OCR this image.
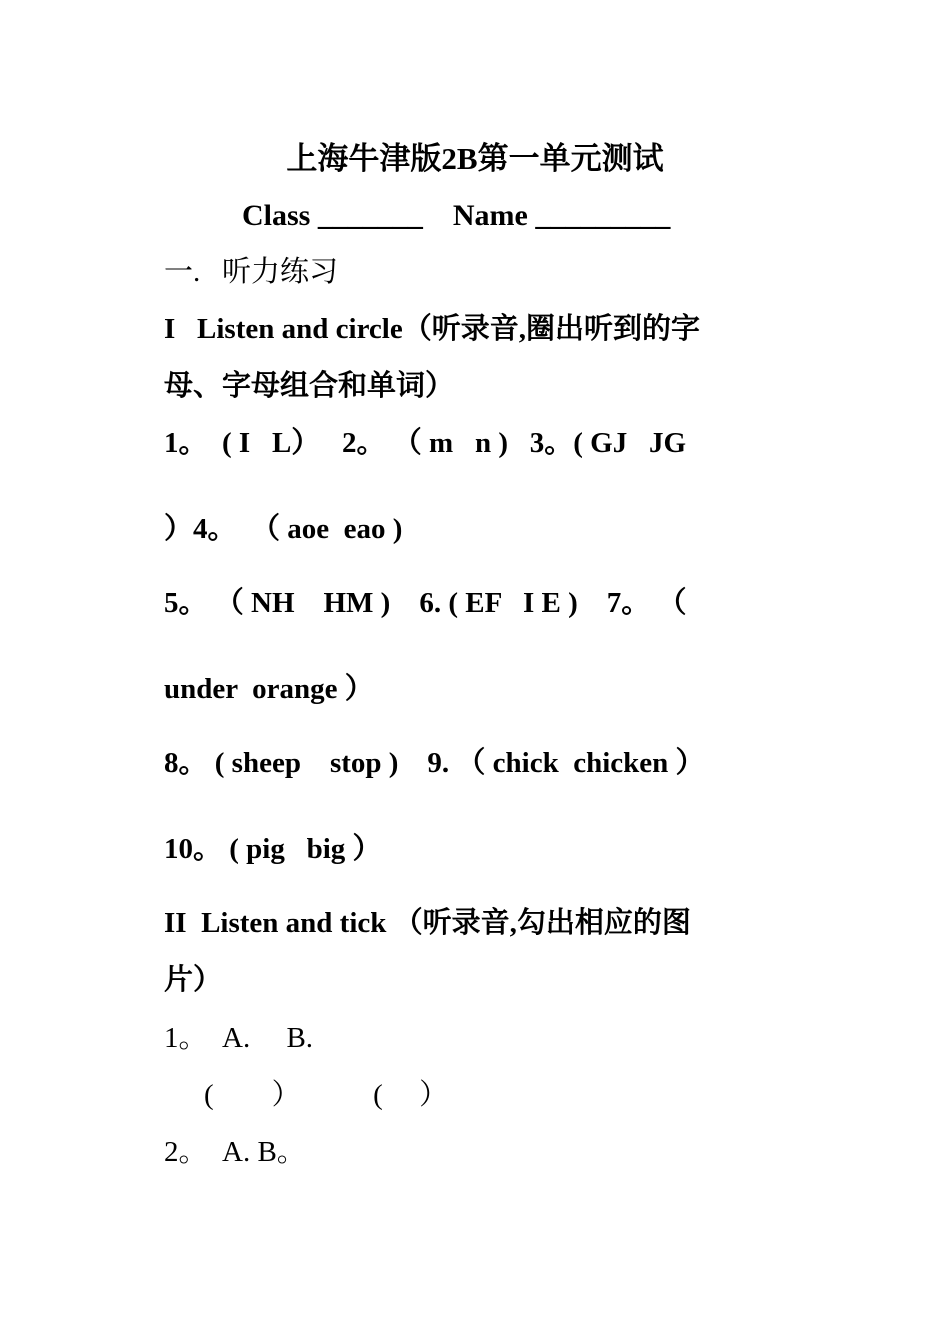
上海牛津版2B第一单元测试
Class _______    Name _________
一.   听力练习
I   Listen and circle（听录音,圈出听到的字
母、字母组合和单词）
1。  ( I   L）   2。 （ m   n )   3。( GJ   JG
）4。  （ aoe  eao )
5。 （ NH    HM )    6. ( EF   I E )    7。 （
under  orange ）
8。 ( sheep    stop )    9. （ chick  chicken ）
10。 ( pig   big ）
II  Listen and tick （听录音,勾出相应的图
片）
1。  A.     B.
(        ）          (     ）
2。  A. B。
